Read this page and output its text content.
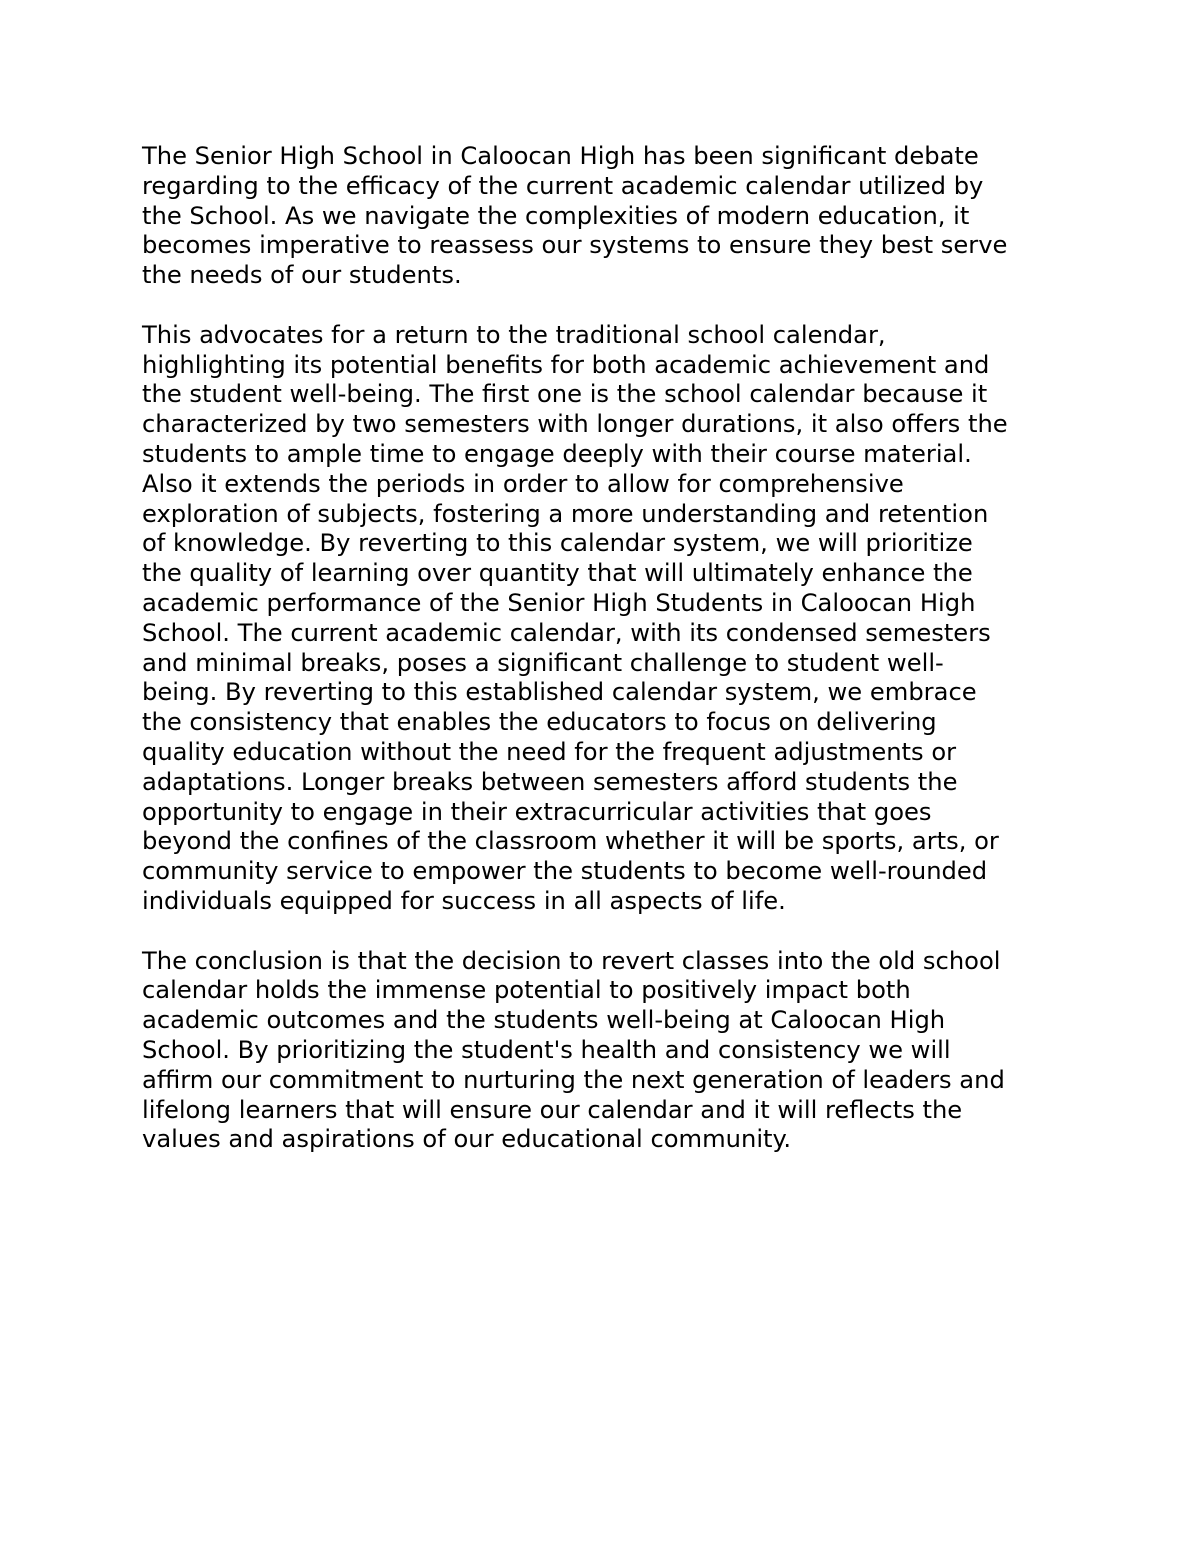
The Senior High School in Caloocan High has been significant debate
regarding to the efficacy of the current academic calendar utilized by
the School. As we navigate the complexities of modern education, it
becomes imperative to reassess our systems to ensure they best serve
the needs of our students.
This advocates for a return to the traditional school calendar,
highlighting its potential benefits for both academic achievement and
the student well-being. The first one is the school calendar because it
characterized by two semesters with longer durations, it also offers the
students to ample time to engage deeply with their course material.
Also it extends the periods in order to allow for comprehensive
exploration of subjects, fostering a more understanding and retention
of knowledge. By reverting to this calendar system, we will prioritize
the quality of learning over quantity that will ultimately enhance the
academic performance of the Senior High Students in Caloocan High
School. The current academic calendar, with its condensed semesters
and minimal breaks, poses a significant challenge to student well-
being. By reverting to this established calendar system, we embrace
the consistency that enables the educators to focus on delivering
quality education without the need for the frequent adjustments or
adaptations. Longer breaks between semesters afford students the
opportunity to engage in their extracurricular activities that goes
beyond the confines of the classroom whether it will be sports, arts, or
community service to empower the students to become well-rounded
individuals equipped for success in all aspects of life.
The conclusion is that the decision to revert classes into the old school
calendar holds the immense potential to positively impact both
academic outcomes and the students well-being at Caloocan High
School. By prioritizing the student's health and consistency we will
affirm our commitment to nurturing the next generation of leaders and
lifelong learners that will ensure our calendar and it will reflects the
values and aspirations of our educational community.
